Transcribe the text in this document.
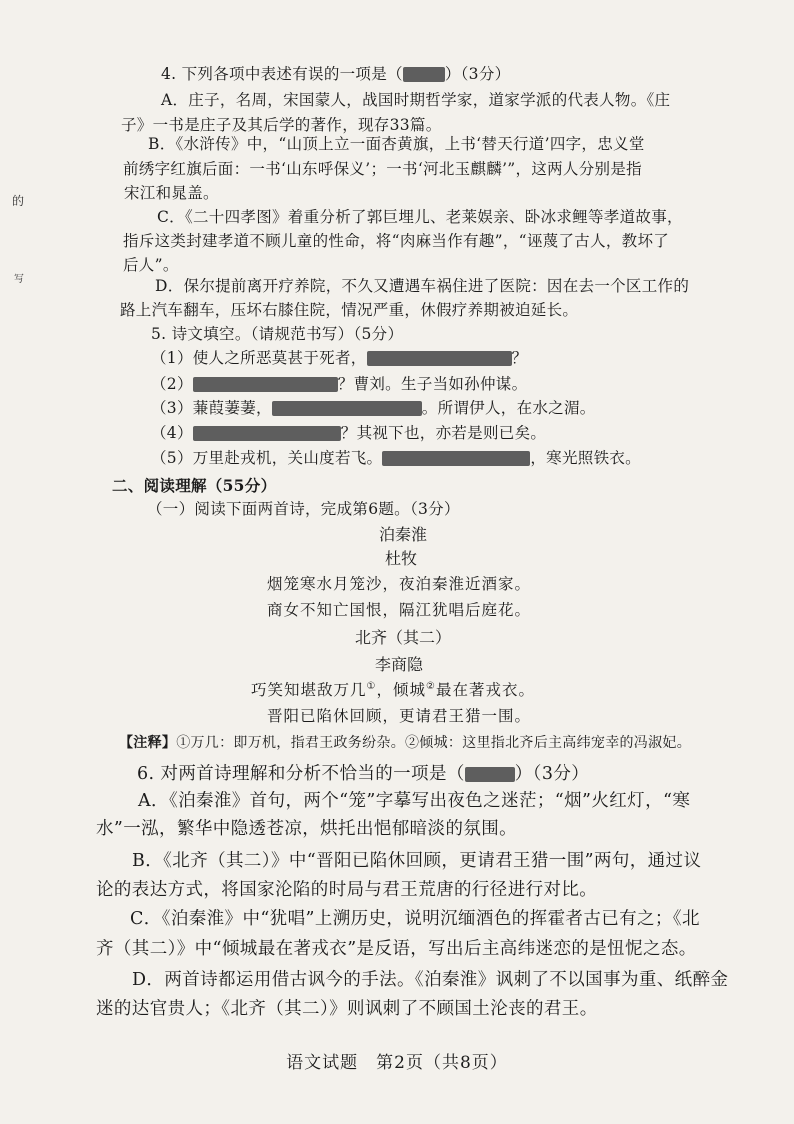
的
写
4. 下列各项中表述有误的一项是（	）（3分）
A．庄子，名周，宋国蒙人，战国时期哲学家，道家学派的代表人物。《庄
子》一书是庄子及其后学的著作，现存33篇。
B．《水浒传》中，“山顶上立一面杏黄旗，上书‘替天行道’四字，忠义堂
前绣字红旗后面：一书‘山东呼保义’；一书‘河北玉麒麟’”，这两人分别是指
宋江和晁盖。
C．《二十四孝图》着重分析了郭巨埋儿、老莱娱亲、卧冰求鲤等孝道故事，
指斥这类封建孝道不顾儿童的性命，将“肉麻当作有趣”，“诬蔑了古人，教坏了
后人”。
D．保尔提前离开疗养院，不久又遭遇车祸住进了医院：因在去一个区工作的
路上汽车翻车，压坏右膝住院，情况严重，休假疗养期被迫延长。
5. 诗文填空。（请规范书写）（5分）
（1）使人之所恶莫甚于死者，	？
（2）	？曹刘。生子当如孙仲谋。
（3）蒹葭萋萋，	。所谓伊人，在水之湄。
（4）	？其视下也，亦若是则已矣。
（5）万里赴戎机，关山度若飞。	，寒光照铁衣。
二、阅读理解（55分）
（一）阅读下面两首诗，完成第6题。（3分）
泊秦淮
杜牧
烟笼寒水月笼沙，夜泊秦淮近酒家。
商女不知亡国恨，隔江犹唱后庭花。
北齐（其二）
李商隐
巧笑知堪敌万几①，倾城②最在著戎衣。
晋阳已陷休回顾，更请君王猎一围。
【注释】①万几：即万机，指君王政务纷杂。②倾城：这里指北齐后主高纬宠幸的冯淑妃。
6. 对两首诗理解和分析不恰当的一项是（	）（3分）
A．《泊秦淮》首句，两个“笼”字摹写出夜色之迷茫；“烟”火红灯，“寒
水”一泓，繁华中隐透苍凉，烘托出悒郁暗淡的氛围。
B．《北齐（其二）》中“晋阳已陷休回顾，更请君王猎一围”两句，通过议
论的表达方式，将国家沦陷的时局与君王荒唐的行径进行对比。
C．《泊秦淮》中“犹唱”上溯历史，说明沉缅酒色的挥霍者古已有之；《北
齐（其二）》中“倾城最在著戎衣”是反语，写出后主高纬迷恋的是忸怩之态。
D．两首诗都运用借古讽今的手法。《泊秦淮》讽刺了不以国事为重、纸醉金
迷的达官贵人；《北齐（其二）》则讽刺了不顾国土沦丧的君王。
语文试题　第2页（共8页）
